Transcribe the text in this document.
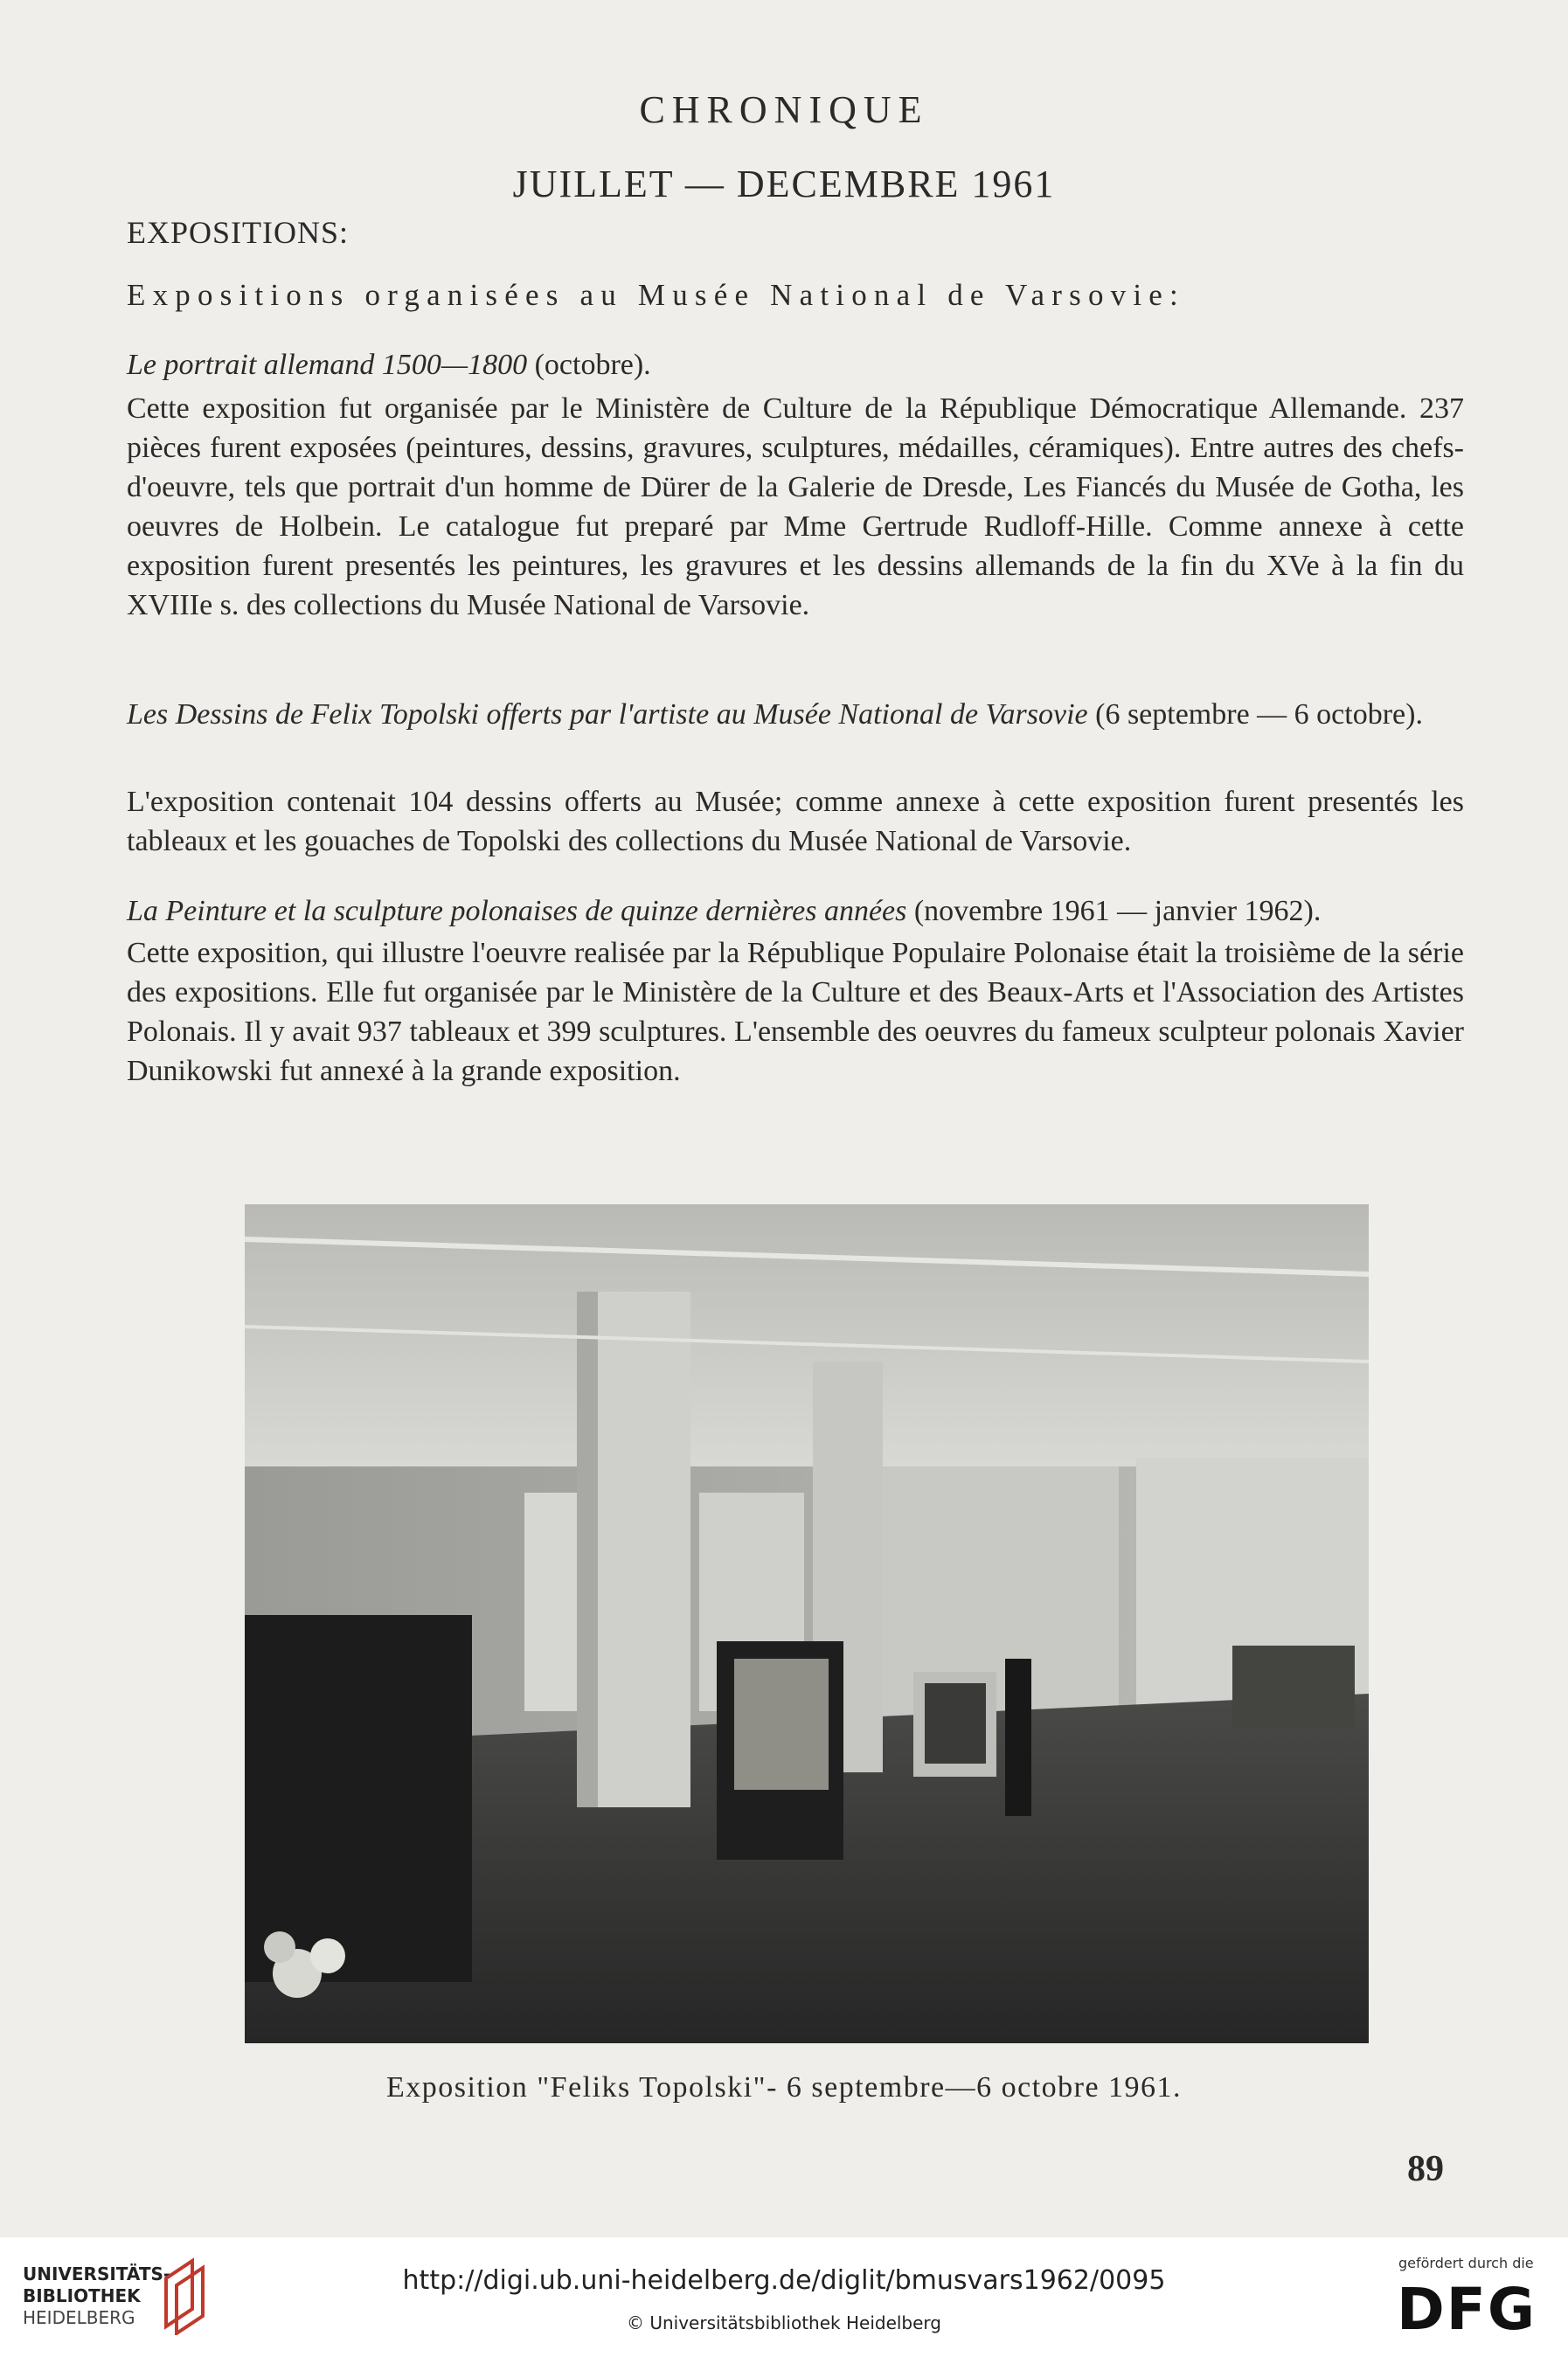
CHRONIQUE
JUILLET — DECEMBRE 1961
EXPOSITIONS:
Expositions organisées au Musée National de Varsovie:
Le portrait allemand 1500—1800 (octobre).
Cette exposition fut organisée par le Ministère de Culture de la République Démocratique Allemande. 237 pièces furent exposées (peintures, dessins, gravures, sculptures, médailles, céramiques). Entre autres des chefs-d'oeuvre, tels que portrait d'un homme de Dürer de la Galerie de Dresde, Les Fiancés du Musée de Gotha, les oeuvres de Holbein. Le catalogue fut preparé par Mme Gertrude Rudloff-Hille. Comme annexe à cette exposition furent presentés les peintures, les gravures et les dessins allemands de la fin du XVe à la fin du XVIIIe s. des collections du Musée National de Varsovie.
Les Dessins de Felix Topolski offerts par l'artiste au Musée National de Varsovie (6 septembre — 6 octobre).
L'exposition contenait 104 dessins offerts au Musée; comme annexe à cette exposition furent presentés les tableaux et les gouaches de Topolski des collections du Musée National de Varsovie.
La Peinture et la sculpture polonaises de quinze dernières années (novembre 1961 — janvier 1962).
Cette exposition, qui illustre l'oeuvre realisée par la République Populaire Polonaise était la troisième de la série des expositions. Elle fut organisée par le Ministère de la Culture et des Beaux-Arts et l'Association des Artistes Polonais. Il y avait 937 tableaux et 399 sculptures. L'ensemble des oeuvres du fameux sculpteur polonais Xavier Dunikowski fut annexé à la grande exposition.
Exposition "Feliks Topolski"- 6 septembre—6 octobre 1961.
89
UNIVERSITÄTS-
BIBLIOTHEK
HEIDELBERG
http://digi.ub.uni-heidelberg.de/diglit/bmusvars1962/0095
© Universitätsbibliothek Heidelberg
gefördert durch die
DFG
